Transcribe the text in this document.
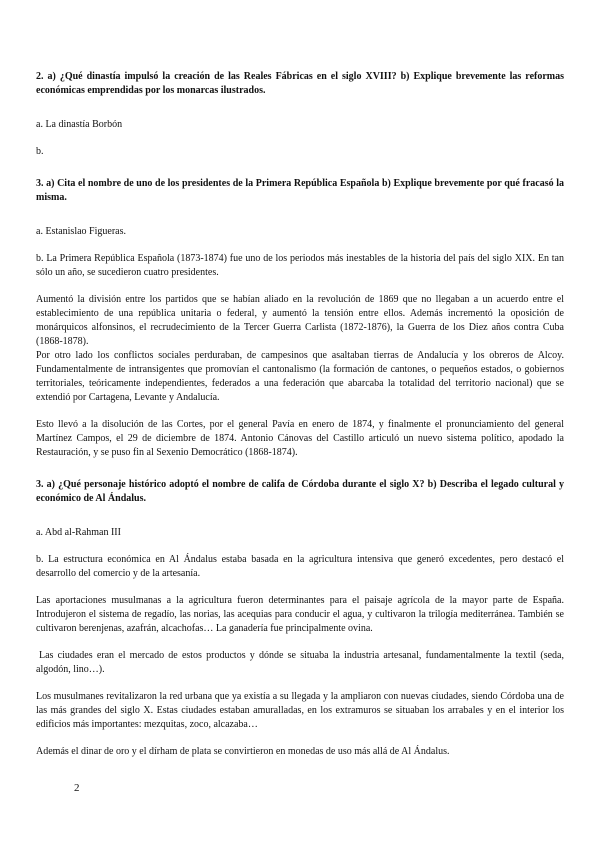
2. a) ¿Qué dinastía impulsó la creación de las Reales Fábricas en el siglo XVIII? b) Explique brevemente las reformas económicas emprendidas por los monarcas ilustrados.

a. La dinastía Borbón

b.

3. a) Cita el nombre de uno de los presidentes de la Primera República Española b) Explique brevemente por qué fracasó la misma.

a. Estanislao Figueras.

b. La Primera República Española (1873-1874) fue uno de los periodos más inestables de la historia del país del siglo XIX. En tan sólo un año, se sucedieron cuatro presidentes.

Aumentó la división entre los partidos que se habían aliado en la revolución de 1869 que no llegaban a un acuerdo entre el establecimiento de una república unitaria o federal, y aumentó la tensión entre ellos. Además incrementó la oposición de monárquicos alfonsinos, el recrudecimiento de la Tercer Guerra Carlista (1872-1876), la Guerra de los Diez años contra Cuba (1868-1878).

Por otro lado los conflictos sociales perduraban, de campesinos que asaltaban tierras de Andalucía y los obreros de Alcoy. Fundamentalmente de intransigentes que promovían el cantonalismo (la formación de cantones, o pequeños estados, o gobiernos territoriales, teóricamente independientes, federados a una federación que abarcaba la totalidad del territorio nacional) que se extendió por Cartagena, Levante y Andalucía.

Esto llevó a la disolución de las Cortes, por el general Pavía en enero de 1874, y finalmente el pronunciamiento del general Martínez Campos, el 29 de diciembre de 1874. Antonio Cánovas del Castillo articuló un nuevo sistema político, apodado la Restauración, y se puso fin al Sexenio Democrático (1868-1874).

3. a) ¿Qué personaje histórico adoptó el nombre de califa de Córdoba durante el siglo X? b) Describa el legado cultural y económico de Al Ándalus.

a. Abd al-Rahman III

b. La estructura económica en Al Ándalus estaba basada en la agricultura intensiva que generó excedentes, pero destacó el desarrollo del comercio y de la artesanía.

Las aportaciones musulmanas a la agricultura fueron determinantes para el paisaje agrícola de la mayor parte de España. Introdujeron el sistema de regadío, las norias, las acequias para conducir el agua, y cultivaron la trilogía mediterránea. También se cultivaron berenjenas, azafrán, alcachofas… La ganadería fue principalmente ovina.

Las ciudades eran el mercado de estos productos y dónde se situaba la industria artesanal, fundamentalmente la textil (seda, algodón, lino…).

Los musulmanes revitalizaron la red urbana que ya existía a su llegada y la ampliaron con nuevas ciudades, siendo Córdoba una de las más grandes del siglo X. Estas ciudades estaban amuralladas, en los extramuros se situaban los arrabales y en el interior los edificios más importantes: mezquitas, zoco, alcazaba…

Además el dinar de oro y el dírham de plata se convirtieron en monedas de uso más allá de Al Ándalus.

2
